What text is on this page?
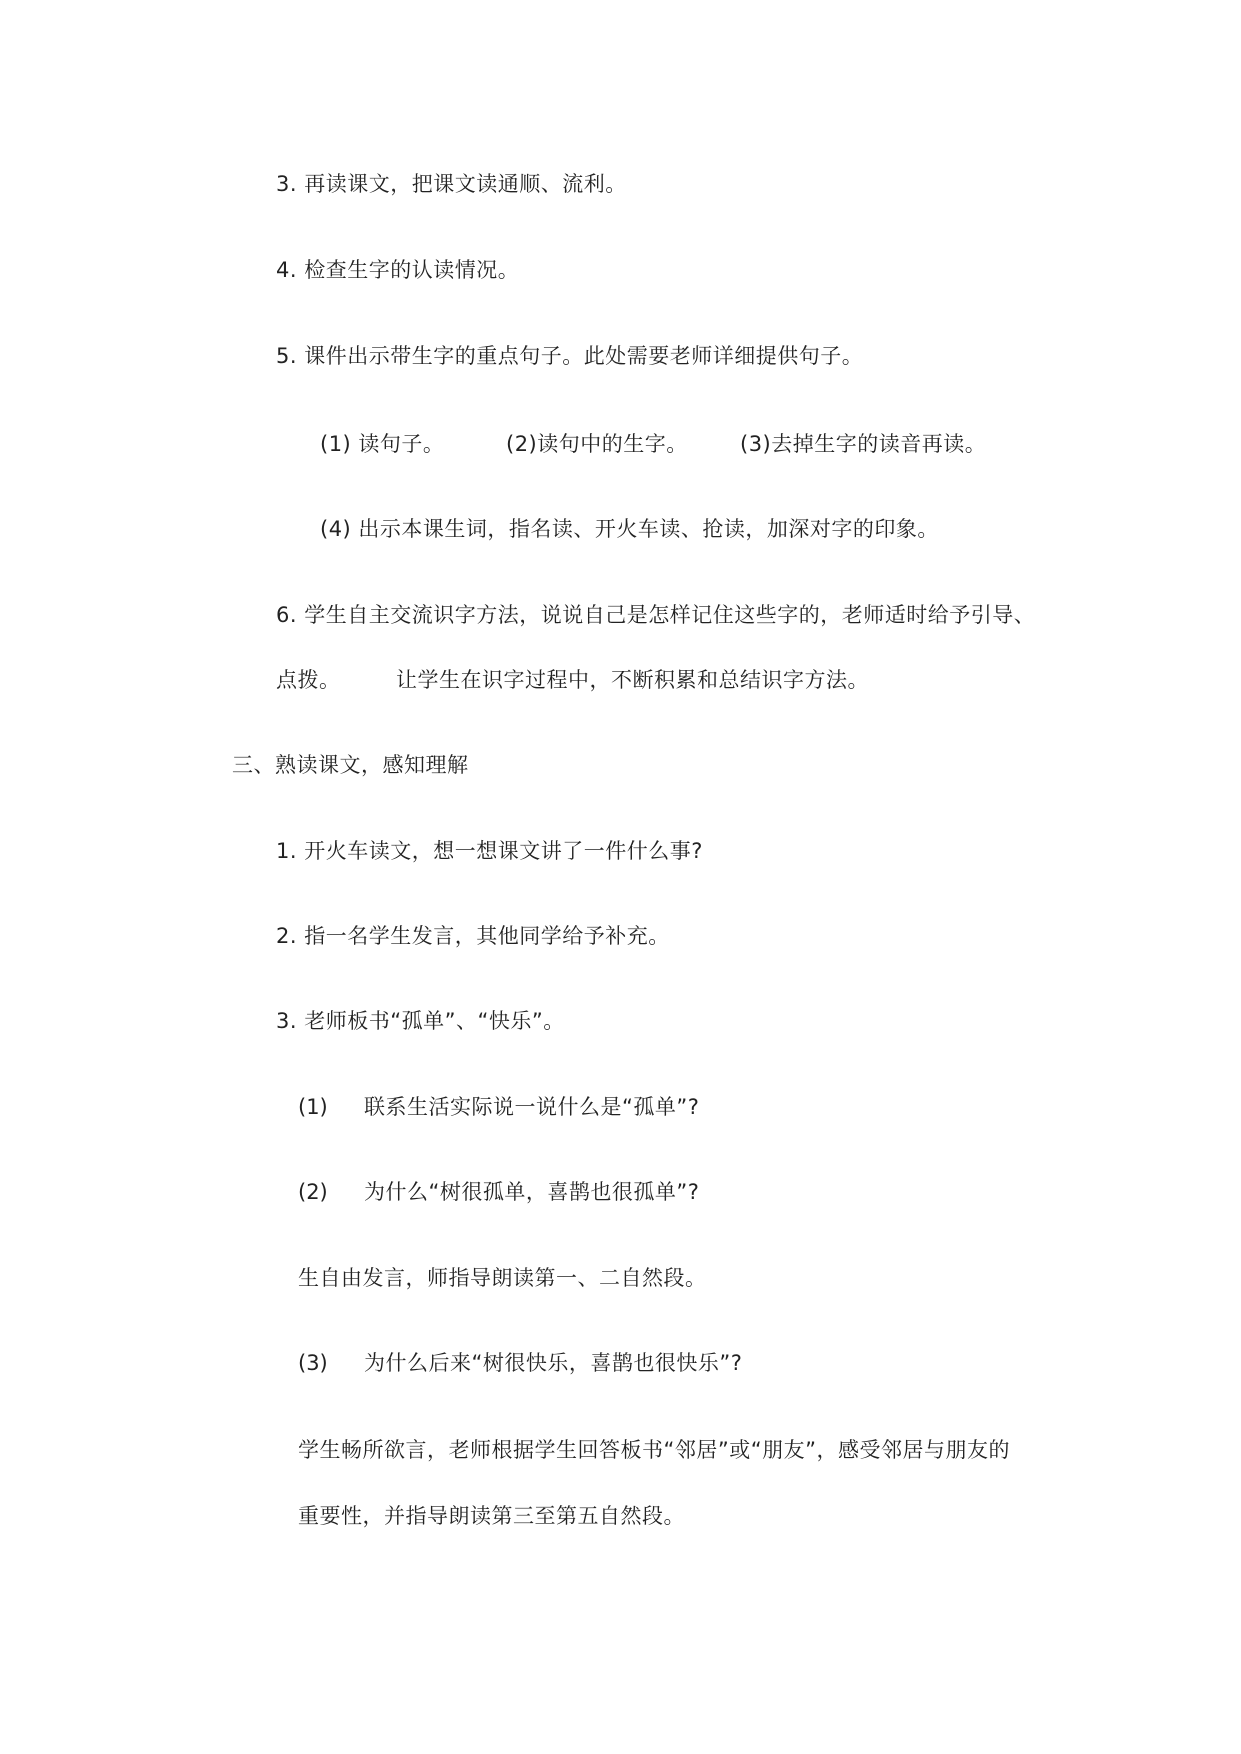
3. 再读课文，把课文读通顺、流利。
4. 检查生字的认读情况。
5. 课件出示带生字的重点句子。此处需要老师详细提供句子。
(1) 读句子。	(2)读句中的生字。 (3)去掉生字的读音再读。
(4) 出示本课生词，指名读、开火车读、抢读，加深对字的印象。
6. 学生自主交流识字方法，说说自己是怎样记住这些字的，老师适时给予引导、
点拨。	让学生在识字过程中，不断积累和总结识字方法。
三、熟读课文，感知理解
1. 开火车读文，想一想课文讲了一件什么事?
2. 指一名学生发言，其他同学给予补充。
3. 老师板书“孤单”、“快乐”。
(1) 联系生活实际说一说什么是“孤单”?
(2) 为什么“树很孤单，喜鹊也很孤单”?
生自由发言，师指导朗读第一、二自然段。
(3) 为什么后来“树很快乐，喜鹊也很快乐”?
学生畅所欲言，老师根据学生回答板书“邻居”或“朋友”，感受邻居与朋友的
重要性，并指导朗读第三至第五自然段。
